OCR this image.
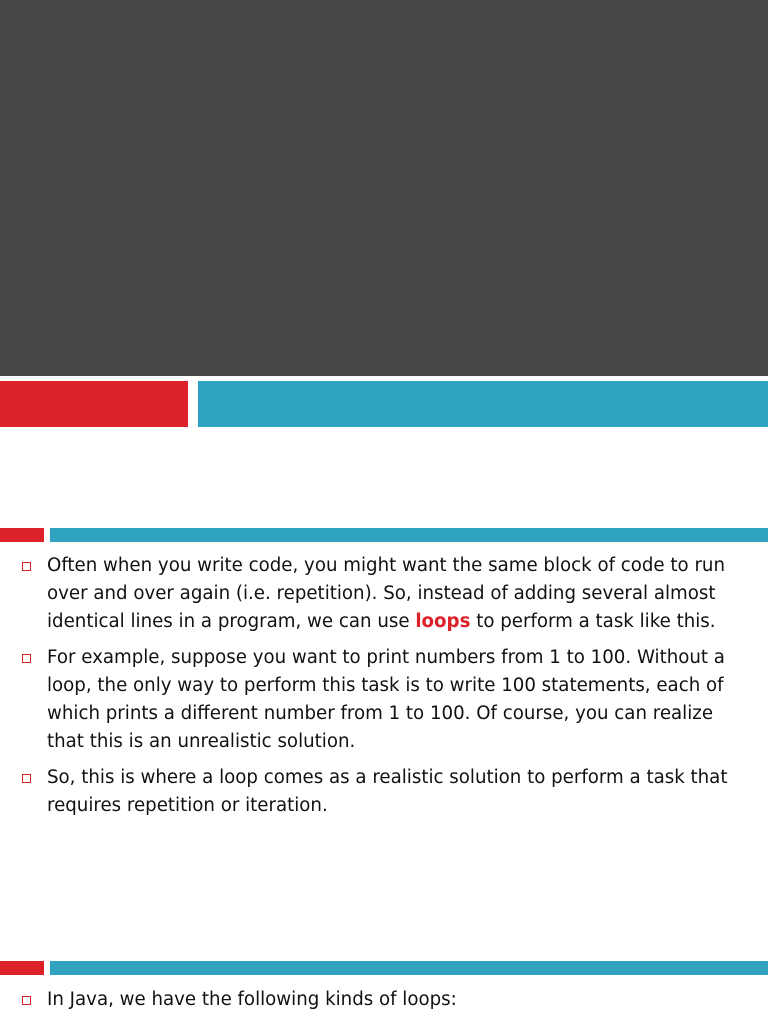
Often when you write code, you might want the same block of code to run over and over again (i.e. repetition). So, instead of adding several almost identical lines in a program, we can use loops to perform a task like this.
For example, suppose you want to print numbers from 1 to 100. Without a loop, the only way to perform this task is to write 100 statements, each of which prints a different number from 1 to 100. Of course, you can realize that this is an unrealistic solution.
So, this is where a loop comes as a realistic solution to perform a task that requires repetition or iteration.
In Java, we have the following kinds of loops:
